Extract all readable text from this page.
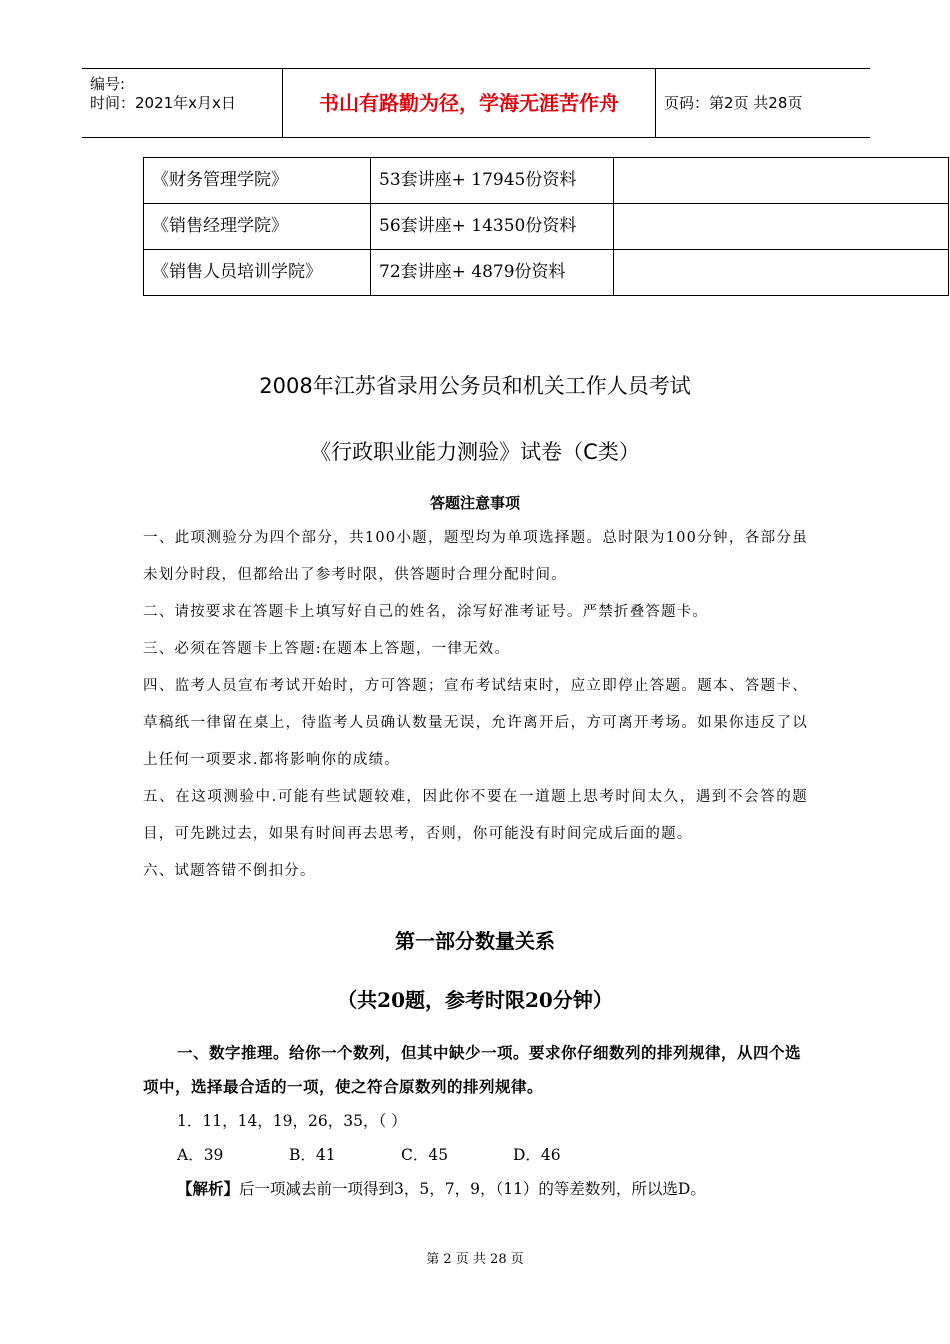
编号:
时间：2021年x月x日	书山有路勤为径，学海无涯苦作舟	页码：第2页 共28页
《财务管理学院》	53套讲座+ 17945份资料	
《销售经理学院》	56套讲座+ 14350份资料	
《销售人员培训学院》	72套讲座+ 4879份资料	
2008年江苏省录用公务员和机关工作人员考试
《行政职业能力测验》试卷（C类）
答题注意事项

一、此项测验分为四个部分，共100小题，题型均为单项选择题。总时限为100分钟，各部分虽未划分时段，但都给出了参考时限，供答题时合理分配时间。

二、请按要求在答题卡上填写好自己的姓名，涂写好准考证号。严禁折叠答题卡。

三、必须在答题卡上答题:在题本上答题，一律无效。

四、监考人员宣布考试开始时，方可答题；宣布考试结束时，应立即停止答题。题本、答题卡、草稿纸一律留在桌上，待监考人员确认数量无误，允许离开后，方可离开考场。如果你违反了以上任何一项要求.都将影响你的成绩。

五、在这项测验中.可能有些试题较难，因此你不要在一道题上思考时间太久，遇到不会答的题目，可先跳过去，如果有时间再去思考，否则，你可能没有时间完成后面的题。

六、试题答错不倒扣分。

第一部分数量关系
（共20题，参考时限20分钟）

一、数字推理。给你一个数列，但其中缺少一项。要求你仔细数列的排列规律，从四个选项中，选择最合适的一项，使之符合原数列的排列规律。

1．11，14，19，26，35，（ ）

A．39	B．41	C．45	D．46

【解析】后一项减去前一项得到3，5，7，9，（11）的等差数列，所以选D。

第 2 页 共 28 页
